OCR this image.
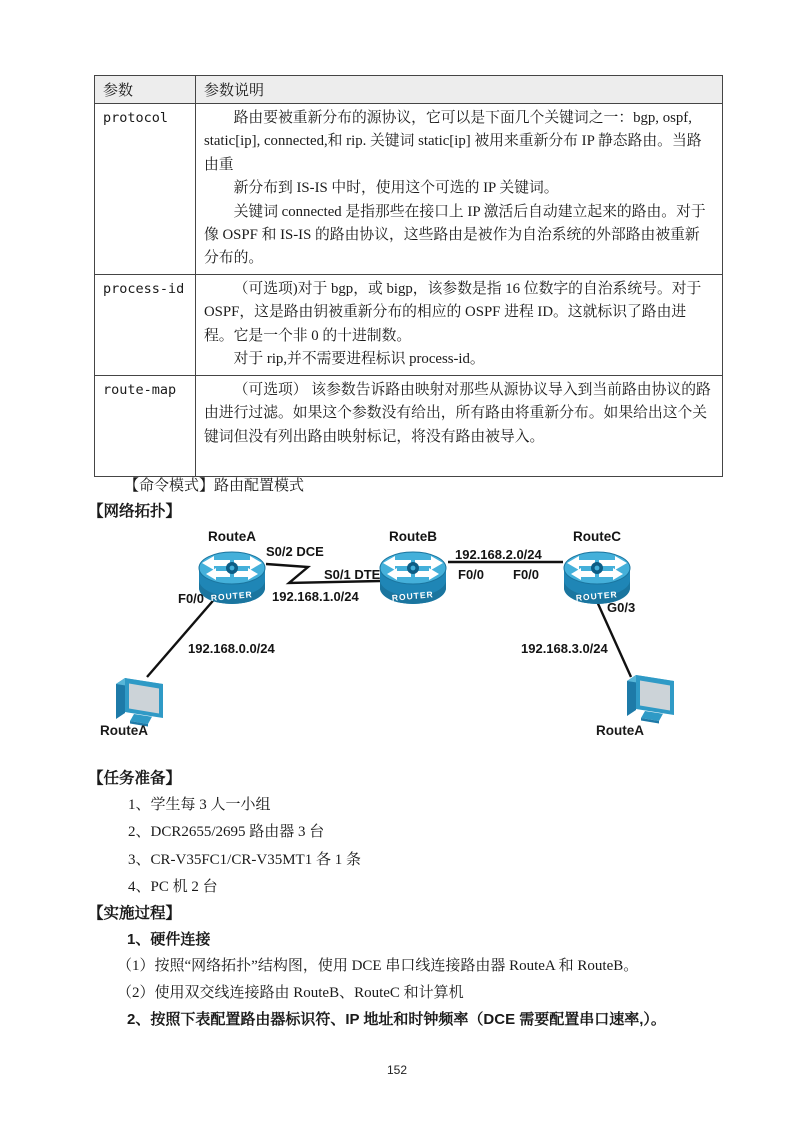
参数	参数说明
protocol	路由要被重新分布的源协议，它可以是下面几个关键词之一：bgp, ospf, static[ip], connected,和 rip. 关键词 static[ip] 被用来重新分布 IP 静态路由。当路由重

新分布到 IS-IS 中时，使用这个可选的 IP 关键词。

关键词 connected 是指那些在接口上 IP 激活后自动建立起来的路由。对于像 OSPF 和 IS-IS 的路由协议，这些路由是被作为自治系统的外部路由被重新分布的。

process-id	（可选项)对于 bgp，或 bigp，该参数是指 16 位数字的自治系统号。对于 OSPF，这是路由钥被重新分布的相应的 OSPF 进程 ID。这就标识了路由进程。它是一个非 0 的十进制数。

对于 rip,并不需要进程标识 process-id。

route-map	（可选项） 该参数告诉路由映射对那些从源协议导入到当前路由协议的路由进行过滤。如果这个参数没有给出，所有路由将重新分布。如果给出这个关键词但没有列出路由映射标记，将没有路由被导入。

【命令模式】路由配置模式

【网络拓扑】
RouteA
ROUTER
RouteB
ROUTER
RouteC
ROUTER
RouteA	RouteA
S0/2 DCE
S0/1 DTE
192.168.1.0/24
192.168.2.0/24
F0/0 F0/0
F0/0
G0/3
192.168.0.0/24	192.168.3.0/24
【任务准备】
1、学生每 3 人一小组
2、DCR2655/2695 路由器 3 台
3、CR-V35FC1/CR-V35MT1 各 1 条
4、PC 机 2 台
【实施过程】

1、硬件连接

（1）按照“网络拓扑”结构图，使用 DCE 串口线连接路由器 RouteA 和 RouteB。
（2）使用双交线连接路由 RouteB、RouteC 和计算机

2、按照下表配置路由器标识符、IP 地址和时钟频率（DCE 需要配置串口速率,）。

152
